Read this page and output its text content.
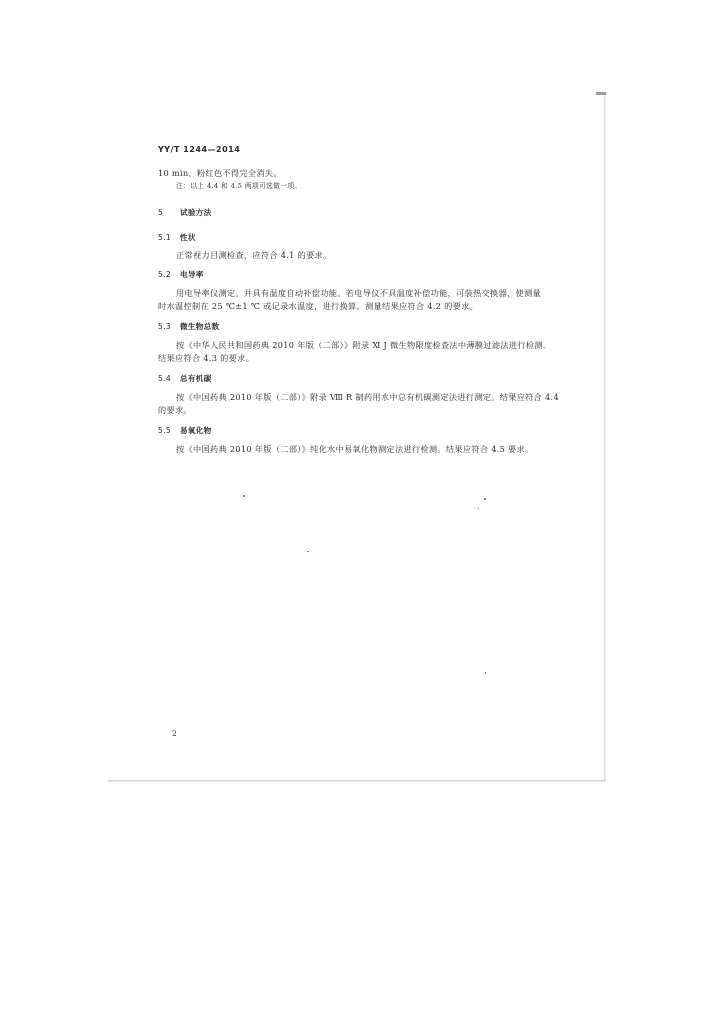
YY/T 1244—2014
10 min，粉红色不得完全消失。
注：以上 4.4 和 4.5 两项可选做一项。
5 试验方法
5.1 性状
正常视力目测检查，应符合 4.1 的要求。
5.2 电导率
用电导率仪测定。并具有温度自动补偿功能。若电导仪不具温度补偿功能，可装热交换器，使测量
时水温控制在 25 ℃±1 ℃ 或记录水温度，进行换算。测量结果应符合 4.2 的要求。
5.3 微生物总数
按《中华人民共和国药典 2010 年版（二部）》附录 Ⅺ J 微生物限度检查法中薄膜过滤法进行检测。
结果应符合 4.3 的要求。
5.4 总有机碳
按《中国药典 2010 年版（二部）》附录 Ⅷ R 制药用水中总有机碳测定法进行测定。结果应符合 4.4
的要求。
5.5 易氧化物
按《中国药典 2010 年版（二部）》纯化水中易氧化物测定法进行检测。结果应符合 4.5 要求。
2
